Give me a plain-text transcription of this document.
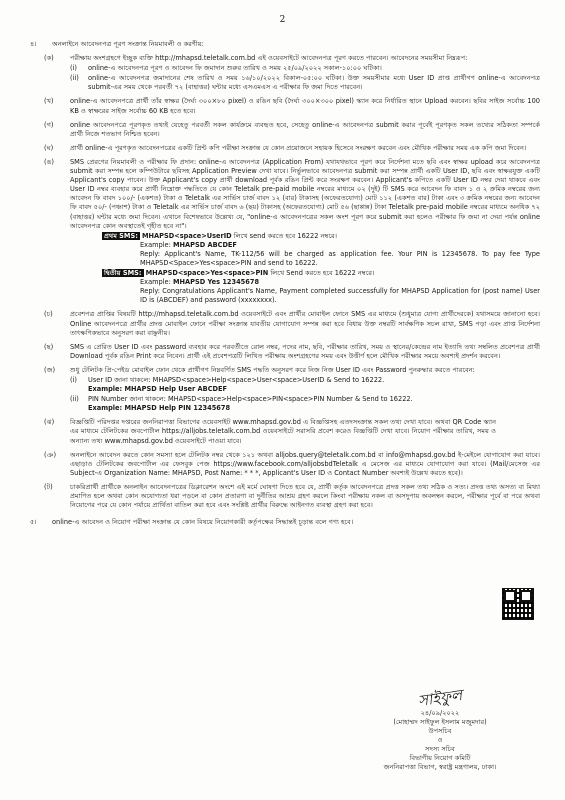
2
৪।	অনলাইনে আবেদনপত্র পূরণ সংক্রান্ত নিয়মাবলী ও করণীয়:
(ক)	পরীক্ষায় অংশগ্রহণে ইচ্ছুক ব্যক্তি http://mhapsd.teletalk.com.bd এই ওয়েবসাইটে আবেদনপত্র পূরণ করতে পারবেন। আবেদনের সময়সীমা নিম্নরূপ:
(i)	online-এ আবেদনপত্র পূরণ ও আবেদন ফি জমাদান শুরুর তারিখ ও সময় ২৫/০৯/২০২২ সকাল-১০:০০ ঘটিকা।
(ii)	online-এ আবেদনপত্র জমাদানের শেষ তারিখ ও সময় ১৬/১০/২০২২ বিকাল-০৫:০০ ঘটিকা। উক্ত সময়সীমার মধ্যে User ID প্রাপ্ত প্রার্থীগণ online-এ আবেদনপত্র submit-এর সময় থেকে পরবর্তী ৭২ (বাহাত্তর) ঘন্টার মধ্যে এসএমএস এ পরীক্ষার ফি জমা দিতে পারবেন।
(খ)	online-এ আবেদনপত্রে প্রার্থী তাঁর স্বাক্ষর (দৈর্ঘ্য ৩০০×৮০ pixel) ও রঙিন ছবি (দৈর্ঘ্য ৩০০×৩০০ pixel) স্ক্যান করে নির্ধারিত স্থানে Upload করবেন। ছবির সাইজ সর্বোচ্চ 100 KB ও স্বাক্ষরের সাইজ সর্বোচ্চ 60 KB হতে হবে।
(গ)	online আবেদনপত্রে পূরণকৃত তথ্যই যেহেতু পরবর্তী সকল কার্যক্রমে ব্যবহৃত হবে, সেহেতু online-এ আবেদনপত্র submit করার পূর্বেই পূরণকৃত সকল তথ্যের সঠিকতা সম্পর্কে প্রার্থী নিজে শতভাগ নিশ্চিত হবেন।
(ঘ)	প্রার্থী online-এ পূরণকৃত আবেদনপত্রের একটি প্রিন্ট কপি পরীক্ষা সংক্রান্ত যে কোন প্রয়োজনে সহায়ক হিসেবে সংরক্ষণ করবেন এবং মৌখিক পরীক্ষার সময় এক কপি জমা দিবেন।
(ঙ)	SMS প্রেরণের নিয়মাবলী ও পরীক্ষার ফি প্রদান: online-এ আবেদনপত্র (Application From) যথাযথভাবে পূরণ করে নির্দেশনা মতে ছবি এবং স্বাক্ষর upload করে আবেদনপত্র submit করা সম্পন্ন হলে কম্পিউটারে ছবিসহ Application Preview দেখা যাবে। নির্ভুলভাবে আবেদনপত্র submit করা সম্পন্ন প্রার্থী একটি User ID, ছবি এবং স্বাক্ষরযুক্ত একটি Applicant's copy পাবেন। উক্ত Applicant's copy প্রার্থী download পূর্বক রঙিন প্রিন্ট করে সংরক্ষণ করবেন। Applicant's কপিতে একটি User ID নম্বর দেয়া থাকবে এবং User ID নম্বর ব্যবহার করে প্রার্থী নিম্নোক্ত পদ্ধতিতে যে কোন Teletalk pre-paid mobile নম্বরের মাধ্যমে ০২ (দুই) টি SMS করে আবেদন ফি বাবদ ১ ও ২ ক্রমিক নম্বরের জন্য আবেদন ফি বাবদ ১০০/- (একশত) টাকা ও Teletalk এর সার্ভিস চার্জ বাবদ ১২ (বার) টাকাসহ (অফেরতযোগ্য) মোট ১১২ (একশত বার) টাকা এবং ৩ ক্রমিক নম্বরের জন্য আবেদন ফি বাবদ ৫০/- (পঞ্চাশ) টাকা ও Teletalk এর সার্ভিস চার্জ বাবদ ৬ (ছয়) টাকাসহ (অফেরতযোগ্য) মোট ৫৬ (ছাপ্পান্ন) টাকা Teletalk pre-paid mobile নম্বরের মাধ্যমে অনধিক ৭২ (বাহাত্তর) ঘন্টার মধ্যে জমা দিবেন। এখানে বিশেষভাবে উল্লেখ্য যে, "online-এ আবেদনপত্রের সকল অংশ পূরণ করে submit করা হলেও পরীক্ষার ফি জমা না দেয়া পর্যন্ত online আবেদনপত্র কোন অবস্থাতেই গৃহীত হবে না"।
প্রথম SMS: MHAPSD<space>UserID লিখে send করতে হবে 16222 নম্বরে।
Example: MHAPSD ABCDEF
Reply: Applicant's Name, TK-112/56 will be charged as application fee. Your PIN is 12345678. To pay fee Type MHAPSD<Space>Yes<space>PIN and send to 16222.
দ্বিতীয় SMS: MHAPSD<space>Yes<space>PIN লিখে Send করতে হবে 16222 নম্বরে।
Example: MHAPSD Yes 12345678
Reply: Congratulations Applicant's Name, Payment completed successfully for MHAPSD Application for (post name) User ID is (ABCDEF) and password (xxxxxxxx).
(চ)	প্রবেশপত্র প্রাপ্তির বিষয়টি http://mhapsd.teletalk.com.bd ওয়েবসাইটে এবং প্রার্থীর মোবাইল ফোনে SMS এর মাধ্যমে (শুধুমাত্র যোগ্য প্রার্থীদেরকে) যথাসময়ে জানানো হবে। Online আবেদনপত্রে প্রার্থীর প্রদত্ত মোবাইল ফোনে পরীক্ষা সংক্রান্ত যাবতীয় যোগাযোগ সম্পন্ন করা হবে বিধায় উক্ত নম্বরটি সার্বক্ষণিক সচল রাখা, SMS পড়া এবং প্রাপ্ত নির্দেশনা তাৎক্ষণিকভাবে অনুসরণ করা বাঞ্ছনীয়।
(ছ)	SMS এ প্রেরিত User ID এবং password ব্যবহার করে পরবর্তীতে রোল নম্বর, পদের নাম, ছবি, পরীক্ষার তারিখ, সময় ও স্থানের/কেন্দ্রের নাম ইত্যাদি তথ্য সম্বলিত প্রবেশপত্র প্রার্থী Download পূর্বক রঙিন Print করে নিবেন। প্রার্থী এই প্রবেশপত্রটি লিখিত পরীক্ষায় অংশগ্রহণের সময় এবং উত্তীর্ণ হলে মৌখিক পরীক্ষার সময়ে অবশ্যই প্রদর্শন করবেন।
(জ)	শুধু টেলিটক প্রি-পেইড মোবাইল ফোন থেকে প্রার্থীগণ নিম্নবর্ণিত SMS পদ্ধতি অনুসরণ করে নিজ নিজ User ID এবং Password পুনরুদ্ধার করতে পারবেন:
(i)	User ID জানা থাকলে: MHAPSD<space>Help<space>User<space>UserID & Send to 16222.
Example: MHAPSD Help User ABCDEF
(ii)	PIN Number জানা থাকলে: MHAPSD<space>Help<space>PIN<space>PIN Number & Send to 16222.
Example: MHAPSD Help PIN 12345678
(ঝ)	বিজ্ঞপ্তিটি পরিদপ্তর দপ্তরের জননিরাপত্তা বিভাগের ওয়েবসাইট www.mhapsd.gov.bd এ বিজ্ঞপ্তিসহ এতদসংক্রান্ত সকল তথ্য দেখা যাবে। অথবা QR Code স্ক্যান এর মাধ্যমে টেলিটকের জবপোর্টাল https://alljobs.teletalk.com.bd ওয়েবসাইটে সরাসরি প্রবেশ করেও বিজ্ঞপ্তিটি দেখা যাবে। নিয়োগ পরীক্ষার তারিখ, সময় ও অন্যান্য তথ্য www.mhapsd.gov.bd ওয়েবসাইটে পাওয়া যাবে।
(ঞ)	অনলাইনে আবেদন করতে কোন সমস্যা হলে টেলিটক নম্বর থেকে ১২১ অথবা alljobs.query@teletalk.com.bd বা info@mhapsd.gov.bd ই-মেইলে যোগাযোগ করা যাবে। এছাড়াও টেলিটকের জবপোর্টাল এর ফেসবুক পেজ https://www.facebook.com/alljobsbdTeletalk এ মেসেজ এর মাধ্যমে যোগাযোগ করা যাবে। (Mail/মেসেজ এর Subject-এ Organization Name: MHAPSD, Post Name: * * *, Applicant's User ID ও Contact Number অবশ্যই উল্লেখ করতে হবে)।
(ট)	চাকরিপ্রার্থী প্রার্থীকে অনলাইন আবেদনপত্রের ডিক্লারেশন অংশে এই মর্মে ঘোষণা দিতে হবে যে, প্রার্থী কর্তৃক আবেদনপত্রে প্রদত্ত সকল তথ্য সঠিক ও সত্য। প্রদত্ত তথ্য অসত্য বা মিথ্যা প্রমাণিত হলে অথবা কোন অযোগ্যতা ধরা পড়লে বা কোন প্রতারণা বা দুর্নীতির আশ্রয় গ্রহণ করলে কিংবা পরীক্ষায় নকল বা অসদুপায় অবলম্বন করলে, পরীক্ষার পূর্বে বা পরে অথবা নিয়োগের পরে যে কোন পর্যায়ে প্রার্থিতা বাতিল করা হবে এবং সংশ্লিষ্ট প্রার্থীর বিরুদ্ধে আইনগত ব্যবস্থা গ্রহণ করা হবে।
৫।	online-এ আবেদন ও নিয়োগ পরীক্ষা সংক্রান্ত যে কোন বিষয়ে নিয়োগকারী কর্তৃপক্ষের সিদ্ধান্তই চূড়ান্ত বলে গণ্য হবে।
সাইফুল
২৪/০৯/২০২২
(মোহাম্মদ সাইফুল ইসলাম মজুমদার)
উপসচিব
ও
সদস্য সচিব
বিভাগীয় নিয়োগ কমিটি
জননিরাপত্তা বিভাগ, স্বরাষ্ট্র মন্ত্রণালয়, ঢাকা।
